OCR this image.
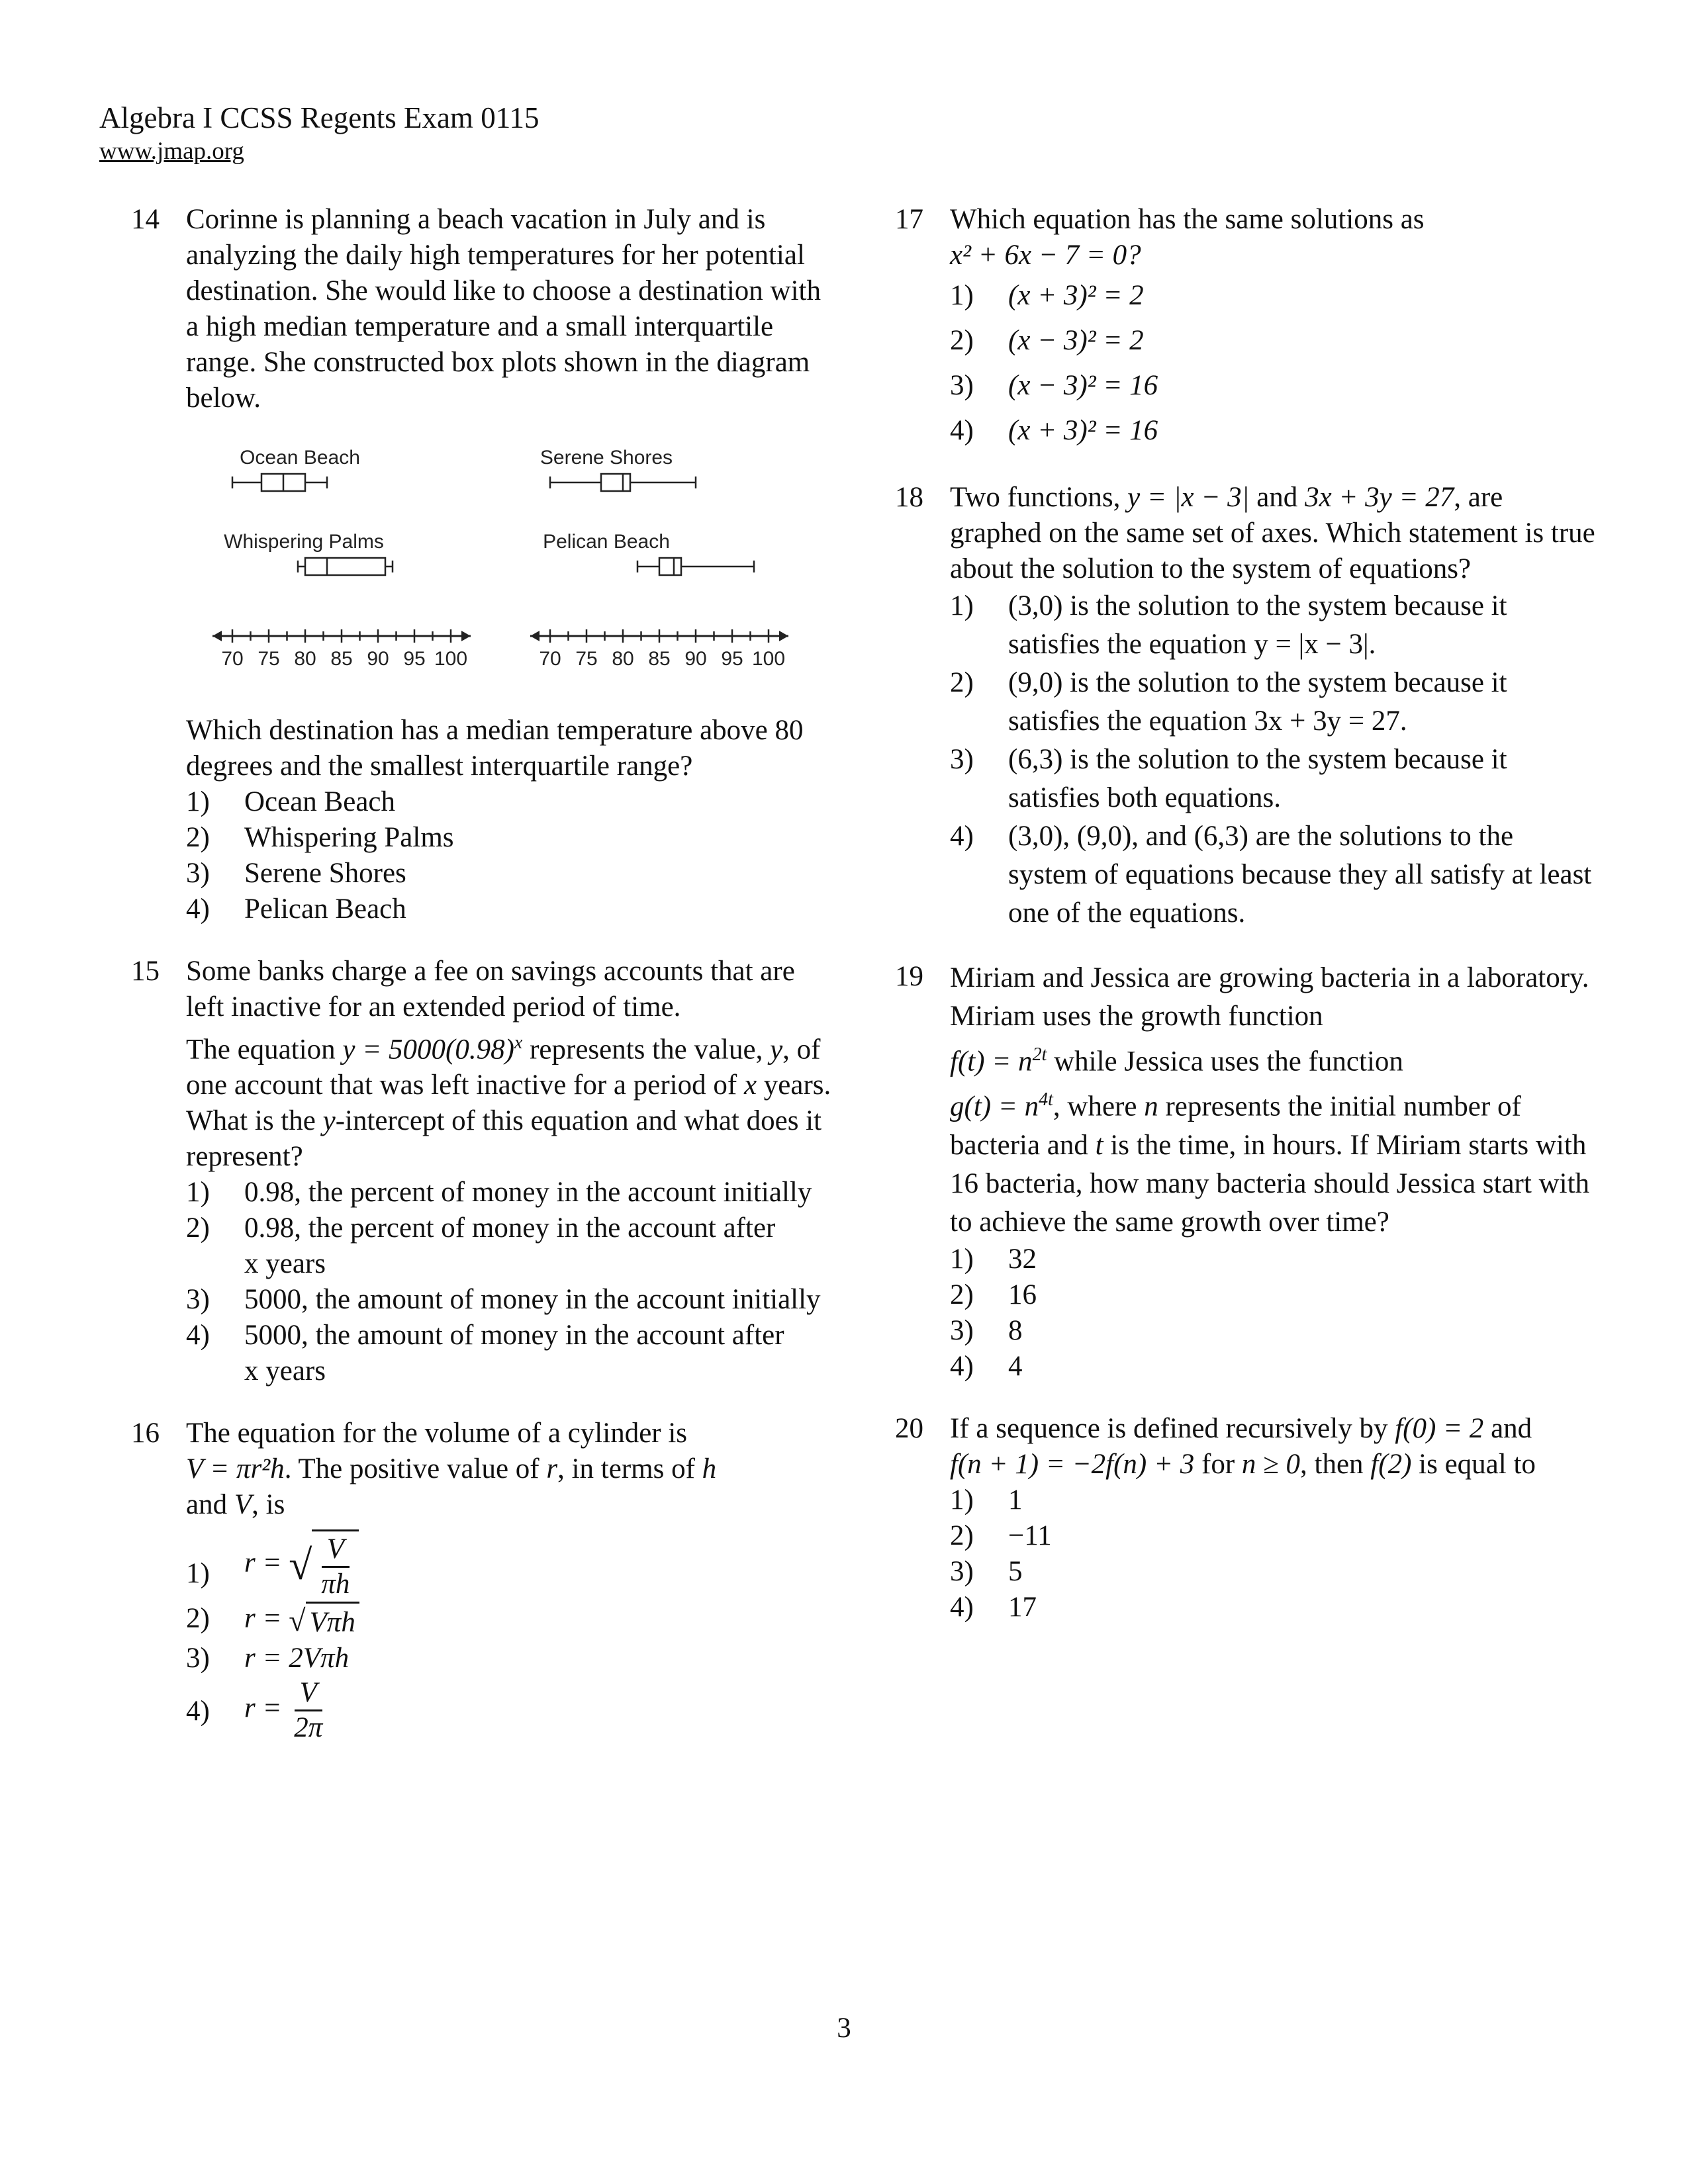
Algebra I CCSS Regents Exam 0115
www.jmap.org
14 Corinne is planning a beach vacation in July and is analyzing the daily high temperatures for her potential destination. She would like to choose a destination with a high median temperature and a small interquartile range. She constructed box plots shown in the diagram below.
Ocean Beach	Serene Shores
Whispering Palms	Pelican Beach
70 75 80 85 90 95 100	70 75 80 85 90 95 100
Which destination has a median temperature above 80 degrees and the smallest interquartile range?
1) Ocean Beach
2) Whispering Palms
3) Serene Shores
4) Pelican Beach
15 Some banks charge a fee on savings accounts that are left inactive for an extended period of time.
The equation $y = 5000(0.98)^x$ represents the value, y, of one account that was left inactive for a period of x years. What is the y-intercept of this equation and what does it represent?
1) 0.98, the percent of money in the account initially
2) 0.98, the percent of money in the account after
x years
3) 5000, the amount of money in the account initially
4) 5000, the amount of money in the account after
x years
16 The equation for the volume of a cylinder is
V = πr²h. The positive value of r, in terms of h
and V, is
1) r = √ $\frac{V}{\pi h}$
2) r = √ Vπh
3) r = 2Vπh
4) $r = \frac{V}{2\pi}$
17 Which equation has the same solutions as
x² + 6x − 7 = 0?
1) (x + 3)² = 2
2) (x − 3)² = 2
3) (x − 3)² = 16
4) (x + 3)² = 16
18 Two functions, y = |x − 3| and 3x + 3y = 27, are graphed on the same set of axes. Which statement is true about the solution to the system of equations?
1) (3,0) is the solution to the system because it satisfies the equation y = |x − 3|.
2) (9,0) is the solution to the system because it satisfies the equation 3x + 3y = 27.
3) (6,3) is the solution to the system because it satisfies both equations.
4) (3,0), (9,0), and (6,3) are the solutions to the system of equations because they all satisfy at least one of the equations.
19 Miriam and Jessica are growing bacteria in a laboratory. Miriam uses the growth function
$f(t) = n^{2t}$ while Jessica uses the function
$g(t) = n^{4t}$, where n represents the initial number of bacteria and t is the time, in hours. If Miriam starts with 16 bacteria, how many bacteria should Jessica start with to achieve the same growth over time?
1) 32
2) 16
3) 8
4) 4
20 If a sequence is defined recursively by f(0) = 2 and
f(n + 1) = −2f(n) + 3 for n ≥ 0, then f(2) is equal to
1) 1
2) −11
3) 5
4) 17
3
